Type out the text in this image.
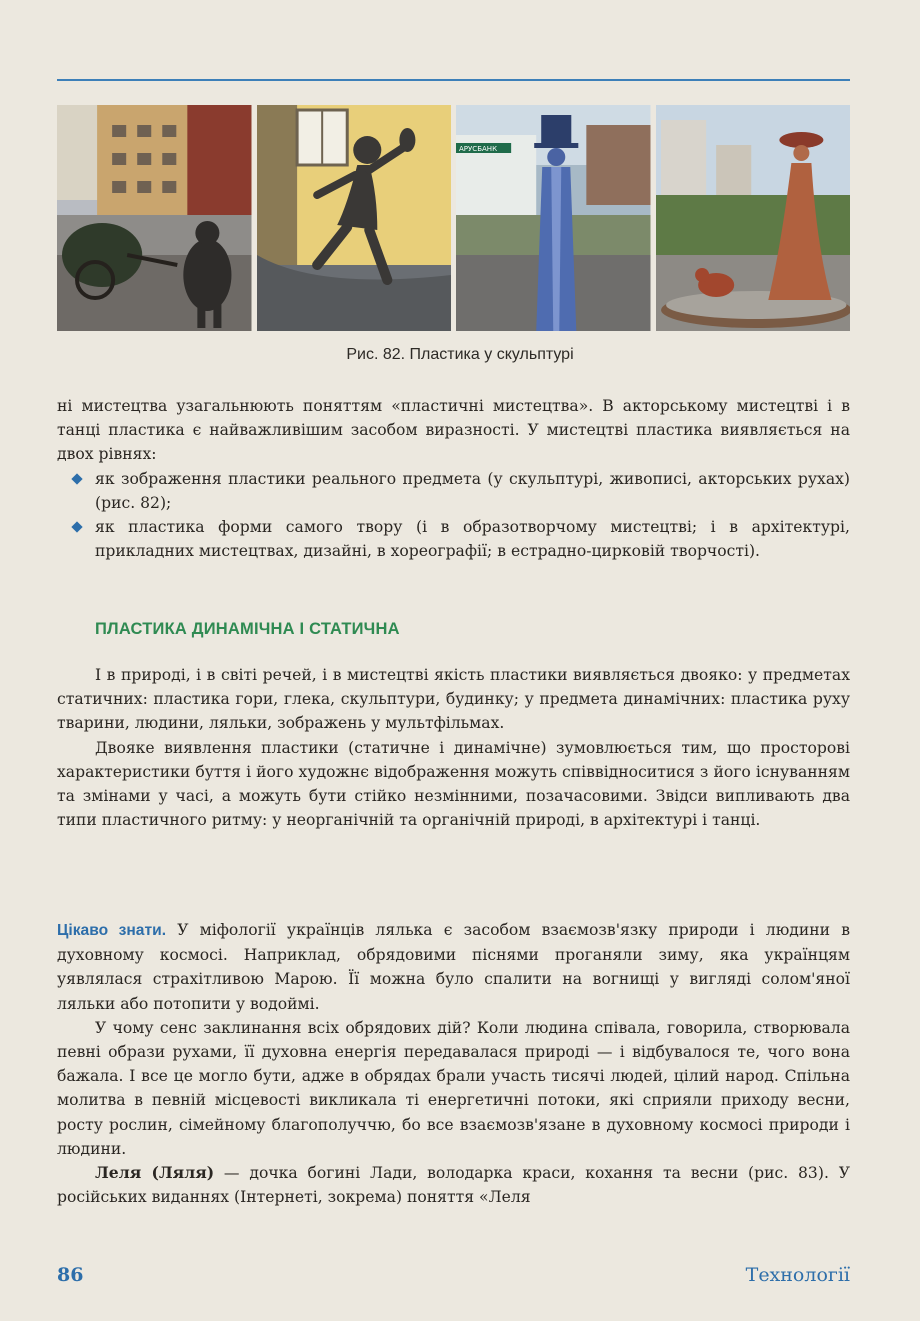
АРУСБАНК
Рис. 82. Пластика у скульптурі

ні мистецтва узагальнюють поняттям «пластичні мистецтва». В акторському мистецтві і в танці пластика є найважливішим засобом виразності. У мистецтві пластика виявляється на двох рівнях:

як зображення пластики реального предмета (у скульптурі, живописі, акторських рухах) (рис. 82);
як пластика форми самого твору (і в образотворчому мистецтві; і в архітектурі, прикладних мистецтвах, дизайні, в хореографії; в естрадно-цирковій творчості).
ПЛАСТИКА ДИНАМІЧНА І СТАТИЧНА

І в природі, і в світі речей, і в мистецтві якість пластики виявляється двояко: у предметах статичних: пластика гори, глека, скульптури, будинку; у предмета динамічних: пластика руху тварини, людини, ляльки, зображень у мультфільмах.

Двояке виявлення пластики (статичне і динамічне) зумовлюється тим, що просторові характеристики буття і його художнє відображення можуть співвідноситися з його існуванням та змінами у часі, а можуть бути стійко незмінними, позачасовими. Звідси випливають два типи пластичного ритму: у неорганічній та органічній природі, в архітектурі і танці.

Цікаво знати. У міфології українців лялька є засобом взаємозв'язку природи і людини в духовному космосі. Наприклад, обрядовими піснями проганяли зиму, яка українцям уявлялася страхітливою Марою. Її можна було спалити на вогнищі у вигляді солом'яної ляльки або потопити у водоймі.

У чому сенс заклинання всіх обрядових дій? Коли людина співала, говорила, створювала певні образи рухами, її духовна енергія передавалася природі — і відбувалося те, чого вона бажала. І все це могло бути, адже в обрядах брали участь тисячі людей, цілий народ. Спільна молитва в певній місцевості викликала ті енергетичні потоки, які сприяли приходу весни, росту рослин, сімейному благополуччю, бо все взаємозв'язане в духовному космосі природи і людини.

Леля (Ляля) — дочка богині Лади, володарка краси, кохання та весни (рис. 83). У російських виданнях (Інтернеті, зокрема) поняття «Леля

86	Технології
